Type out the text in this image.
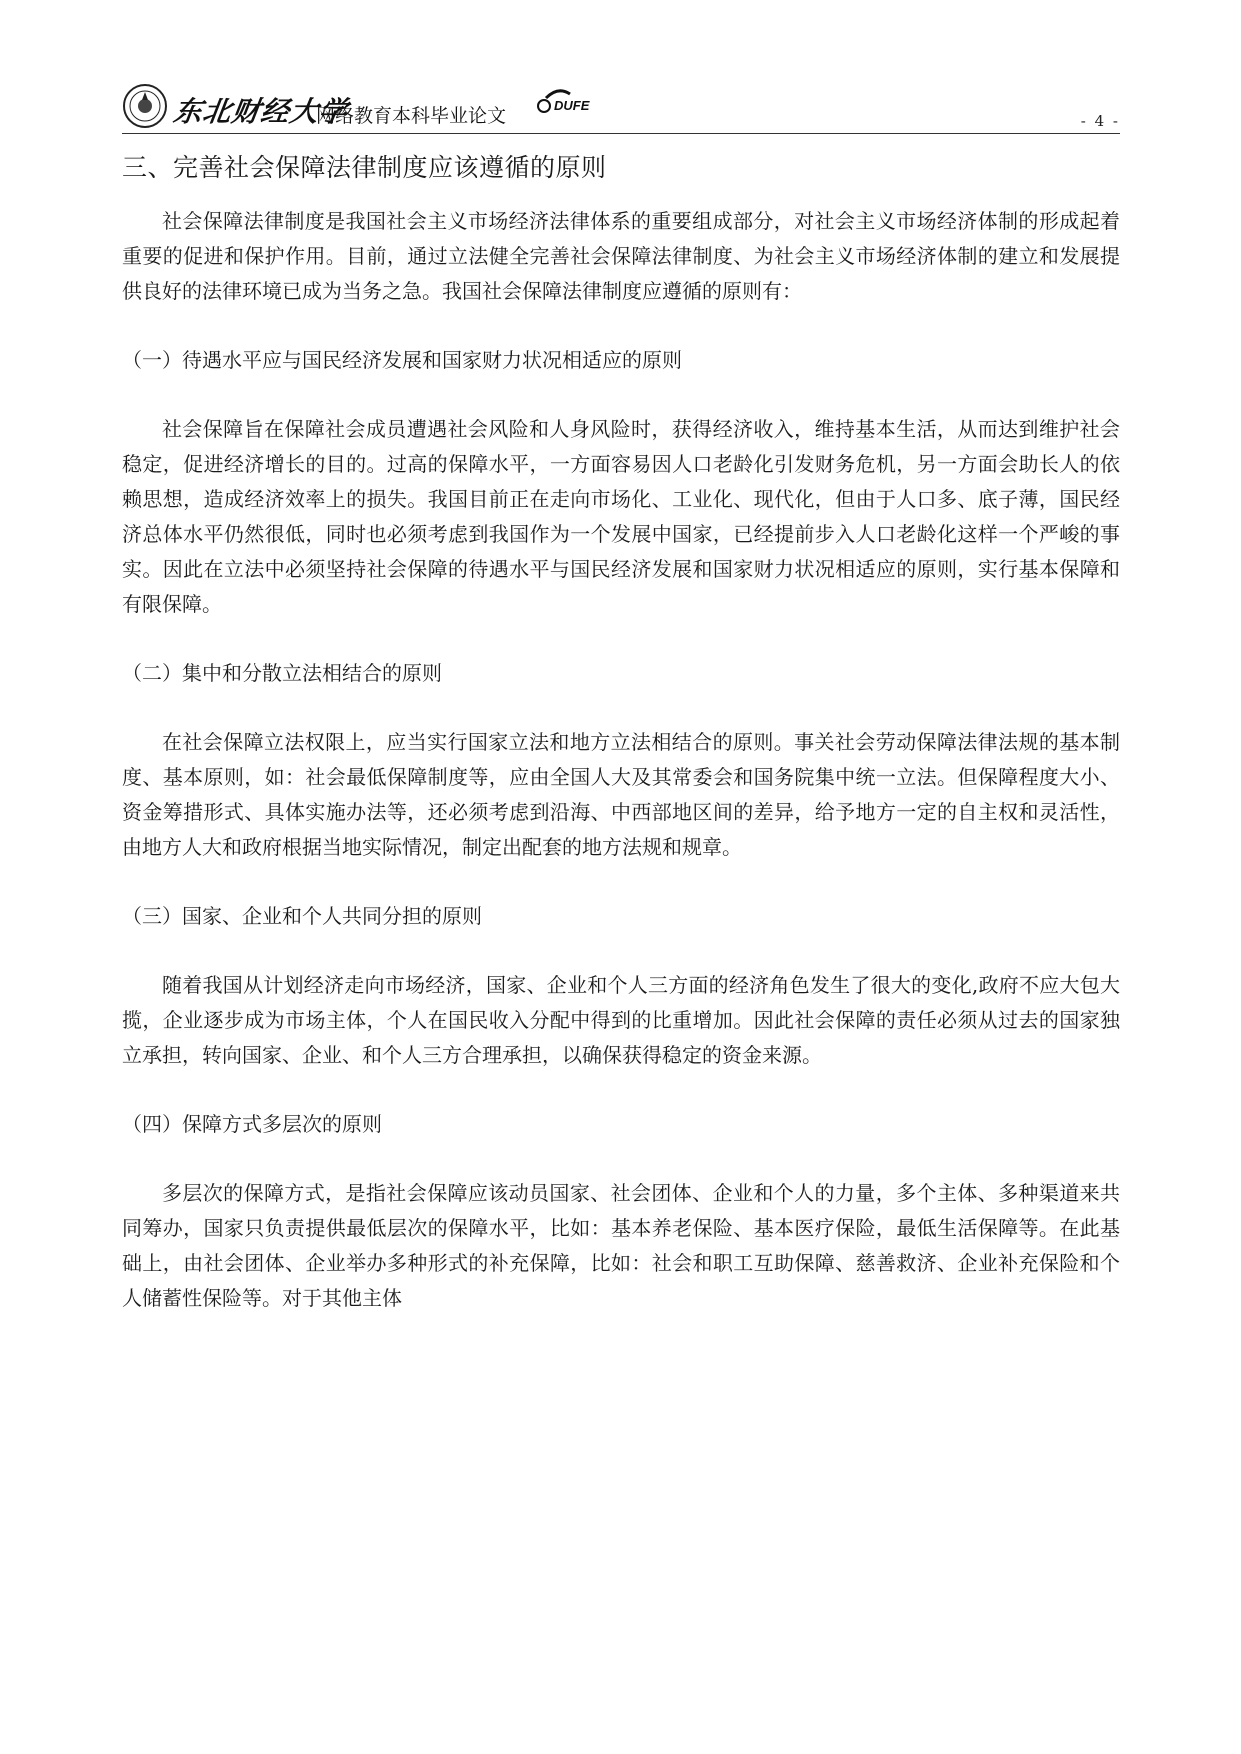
东北财经大学
网络教育本科毕业论文	DUFE
- 4 -
三、完善社会保障法律制度应该遵循的原则

社会保障法律制度是我国社会主义市场经济法律体系的重要组成部分，对社会主义市场经济体制的形成起着重要的促进和保护作用。目前，通过立法健全完善社会保障法律制度、为社会主义市场经济体制的建立和发展提供良好的法律环境已成为当务之急。我国社会保障法律制度应遵循的原则有：

（一）待遇水平应与国民经济发展和国家财力状况相适应的原则

社会保障旨在保障社会成员遭遇社会风险和人身风险时，获得经济收入，维持基本生活，从而达到维护社会稳定，促进经济增长的目的。过高的保障水平，一方面容易因人口老龄化引发财务危机，另一方面会助长人的依赖思想，造成经济效率上的损失。我国目前正在走向市场化、工业化、现代化，但由于人口多、底子薄，国民经济总体水平仍然很低，同时也必须考虑到我国作为一个发展中国家，已经提前步入人口老龄化这样一个严峻的事实。因此在立法中必须坚持社会保障的待遇水平与国民经济发展和国家财力状况相适应的原则，实行基本保障和有限保障。

（二）集中和分散立法相结合的原则

在社会保障立法权限上，应当实行国家立法和地方立法相结合的原则。事关社会劳动保障法律法规的基本制度、基本原则，如：社会最低保障制度等，应由全国人大及其常委会和国务院集中统一立法。但保障程度大小、资金筹措形式、具体实施办法等，还必须考虑到沿海、中西部地区间的差异，给予地方一定的自主权和灵活性，由地方人大和政府根据当地实际情况，制定出配套的地方法规和规章。

（三）国家、企业和个人共同分担的原则

随着我国从计划经济走向市场经济，国家、企业和个人三方面的经济角色发生了很大的变化,政府不应大包大揽，企业逐步成为市场主体，个人在国民收入分配中得到的比重增加。因此社会保障的责任必须从过去的国家独立承担，转向国家、企业、和个人三方合理承担，以确保获得稳定的资金来源。

（四）保障方式多层次的原则

多层次的保障方式，是指社会保障应该动员国家、社会团体、企业和个人的力量，多个主体、多种渠道来共同筹办，国家只负责提供最低层次的保障水平，比如：基本养老保险、基本医疗保险，最低生活保障等。在此基础上，由社会团体、企业举办多种形式的补充保障，比如：社会和职工互助保障、慈善救济、企业补充保险和个人储蓄性保险等。对于其他主体
